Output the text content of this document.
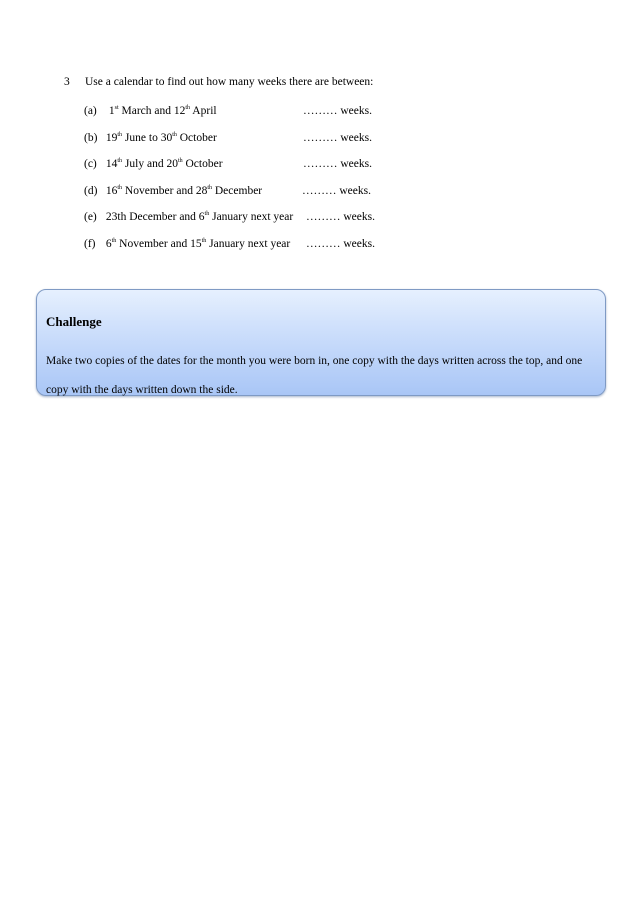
3 Use a calendar to find out how many weeks there are between:
(a) 1st March and 12th April	……… weeks.
(b) 19th June to 30th October	……… weeks.
(c) 14th July and 20th October	……… weeks.
(d) 16th November and 28th December	……… weeks.
(e) 23th December and 6th January next year ……… weeks.
(f) 6th November and 15th January next year ……… weeks.
Challenge
Make two copies of the dates for the month you were born in, one copy with the days written across the top, and one copy with the days written down the side.
